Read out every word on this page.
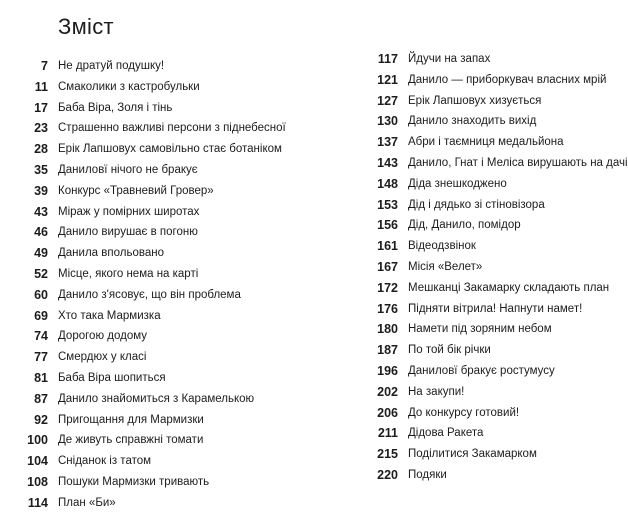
Зміст
7 Не дратуй подушку!
11 Смаколики з кастробульки
17 Баба Віра, Золя і тінь
23 Страшенно важливі персони з піднебесної
28 Ерік Лапшовух самовільно стає ботаніком
35 Даниловї нічого не бракує
39 Конкурс «Травневий Гровер»
43 Міраж у помірних широтах
46 Данило вирушає в погоню
49 Данила впольовано
52 Місце, якого нема на карті
60 Данило з'ясовує, що він проблема
69 Хто така Мармизка
74 Дорогою додому
77 Смердюх у класі
81 Баба Віра шопиться
87 Данило знайомиться з Карамелькою
92 Пригощання для Мармизки
100 Де живуть справжні томати
104 Сніданок із татом
108 Пошуки Мармизки тривають
114 План «Би»
117 Йдучи на запах
121 Данило — приборкувач власних мрій
127 Ерік Лапшовух хизується
130 Данило знаходить вихід
137 Абри і таємниця медальйона
143 Данило, Гнат і Меліса вирушають на дачі
148 Діда знешкоджено
153 Дід і дядько зі стіновізора
156 Дід, Данило, помідор
161 Відеодзвінок
167 Місія «Велет»
172 Мешканці Закамарку складають план
176 Підняти вітрила! Напнути намет!
180 Намети під зоряним небом
187 По той бік річки
196 Даниловї бракує ростумусу
202 На закупи!
206 До конкурсу готовий!
211 Дідова Ракета
215 Поділитися Закамарком
220 Подяки
